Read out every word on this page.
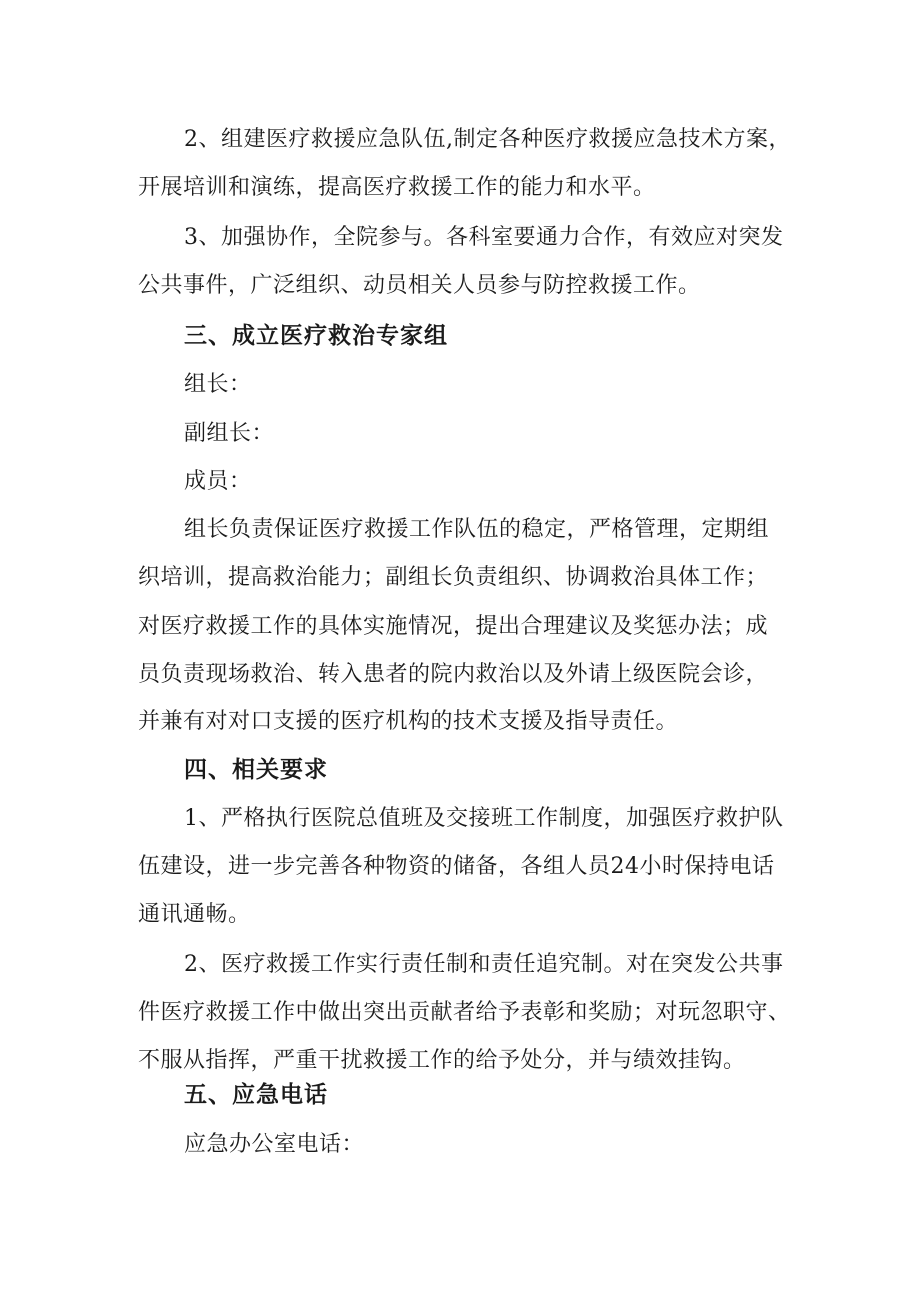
2、组建医疗救援应急队伍,制定各种医疗救援应急技术方案，

开展培训和演练，提高医疗救援工作的能力和水平。

3、加强协作，全院参与。各科室要通力合作，有效应对突发

公共事件，广泛组织、动员相关人员参与防控救援工作。

三、成立医疗救治专家组

组长：

副组长：

成员：

组长负责保证医疗救援工作队伍的稳定，严格管理，定期组

织培训，提高救治能力；副组长负责组织、协调救治具体工作；

对医疗救援工作的具体实施情况，提出合理建议及奖惩办法；成

员负责现场救治、转入患者的院内救治以及外请上级医院会诊，

并兼有对对口支援的医疗机构的技术支援及指导责任。

四、相关要求

1、严格执行医院总值班及交接班工作制度，加强医疗救护队

伍建设，进一步完善各种物资的储备，各组人员24小时保持电话

通讯通畅。

2、医疗救援工作实行责任制和责任追究制。对在突发公共事

件医疗救援工作中做出突出贡献者给予表彰和奖励；对玩忽职守、

不服从指挥，严重干扰救援工作的给予处分，并与绩效挂钩。

五、应急电话

应急办公室电话：
